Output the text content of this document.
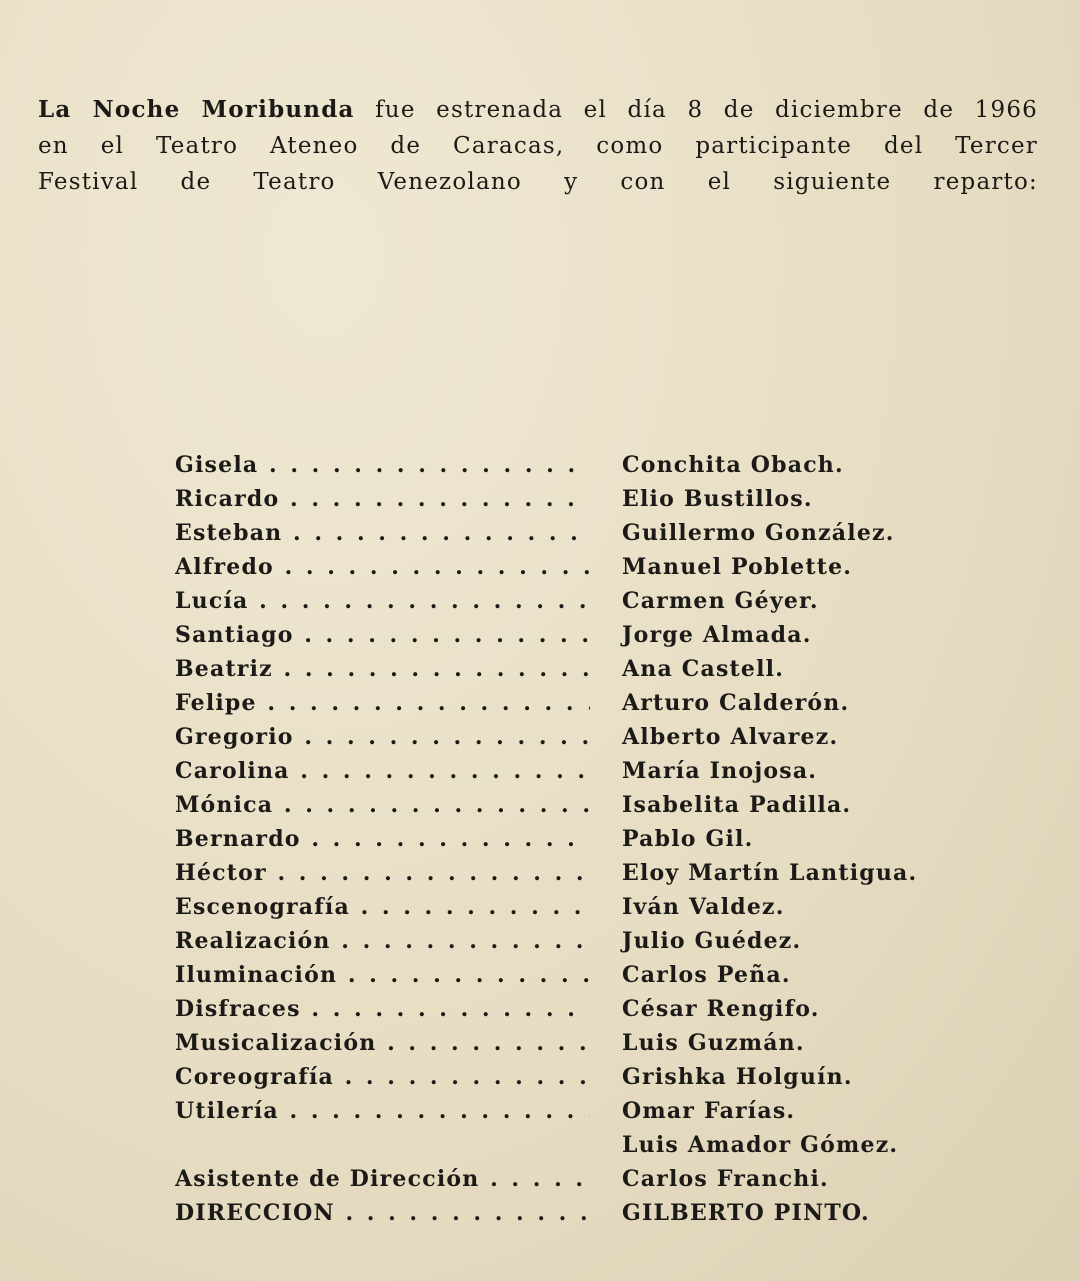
La Noche Moribunda fue estrenada el día 8 de diciembre de 1966
en el Teatro Ateneo de Caracas, como participante del Tercer
Festival de Teatro Venezolano y con el siguiente reparto:
Gisela . .	Conchita Obach.
Ricardo . .	Elio Bustillos.
Esteban . .	Guillermo González.
Alfredo . .	Manuel Poblette.
Lucía . .	Carmen Géyer.
Santiago . .	Jorge Almada.
Beatriz . .	Ana Castell.
Felipe . .	Arturo Calderón.
Gregorio . .	Alberto Alvarez.
Carolina . .	María Inojosa.
Mónica . .	Isabelita Padilla.
Bernardo . .	Pablo Gil.
Héctor . .	Eloy Martín Lantigua.
Escenografía . .	Iván Valdez.
Realización . .	Julio Guédez.
Iluminación . .	Carlos Peña.
Disfraces . .	César Rengifo.
Musicalización . .	Luis Guzmán.
Coreografía . .	Grishka Holguín.
Utilería . .	Omar Farías.
Luis Amador Gómez.
Asistente de Dirección . .	Carlos Franchi.
DIRECCION . .	GILBERTO PINTO.
